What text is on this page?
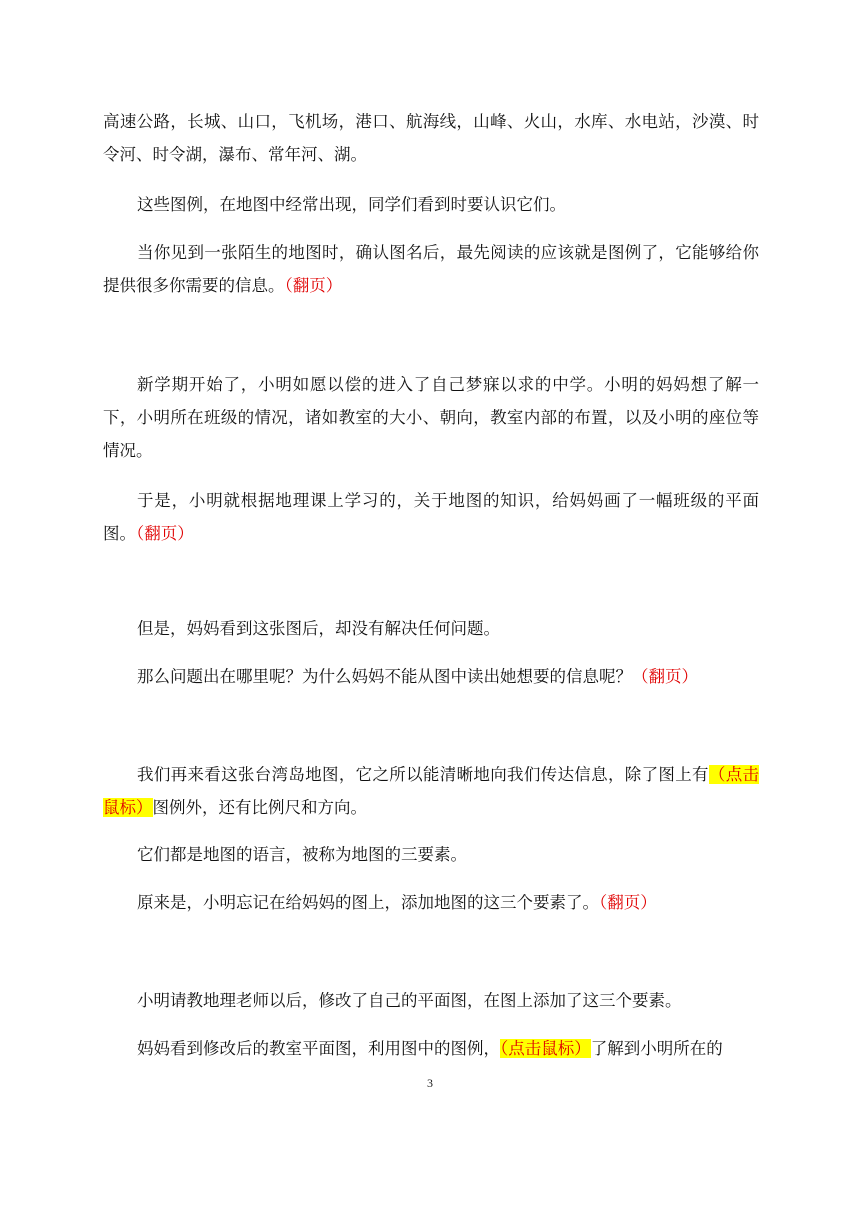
高速公路，长城、山口，飞机场，港口、航海线，山峰、火山，水库、水电站，沙漠、时令河、时令湖，瀑布、常年河、湖。

这些图例，在地图中经常出现，同学们看到时要认识它们。

当你见到一张陌生的地图时，确认图名后，最先阅读的应该就是图例了，它能够给你提供很多你需要的信息。（翻页）

新学期开始了，小明如愿以偿的进入了自己梦寐以求的中学。小明的妈妈想了解一下，小明所在班级的情况，诸如教室的大小、朝向，教室内部的布置，以及小明的座位等情况。

于是，小明就根据地理课上学习的，关于地图的知识，给妈妈画了一幅班级的平面图。（翻页）

但是，妈妈看到这张图后，却没有解决任何问题。

那么问题出在哪里呢？为什么妈妈不能从图中读出她想要的信息呢？（翻页）

我们再来看这张台湾岛地图，它之所以能清晰地向我们传达信息，除了图上有（点击鼠标）图例外，还有比例尺和方向。

它们都是地图的语言，被称为地图的三要素。

原来是，小明忘记在给妈妈的图上，添加地图的这三个要素了。（翻页）

小明请教地理老师以后，修改了自己的平面图，在图上添加了这三个要素。

妈妈看到修改后的教室平面图，利用图中的图例，（点击鼠标）了解到小明所在的

3
